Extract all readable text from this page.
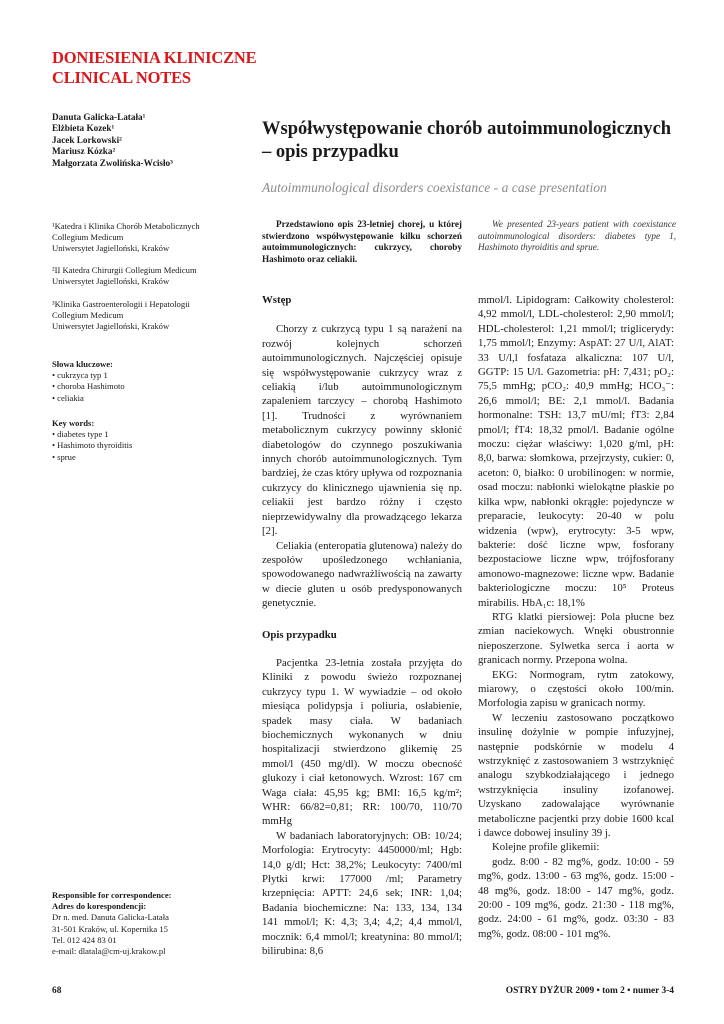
DONIESIENIA KLINICZNE
CLINICAL NOTES
Danuta Galicka-Latała¹
Elżbieta Kozek¹
Jacek Lorkowski²
Mariusz Kózka²
Małgorzata Zwolińska-Wcisło³
Współwystępowanie chorób autoimmunologicznych
– opis przypadku
Autoimmunological disorders coexistance - a case presentation
¹Katedra i Klinika Chorób Metabolicznych
Collegium Medicum
Uniwersytet Jagielloński, Kraków
²II Katedra Chirurgii Collegium Medicum
Uniwersytet Jagielloński, Kraków
³Klinika Gastroenterologii i Hepatologii
Collegium Medicum
Uniwersytet Jagielloński, Kraków
Słowa kluczowe:
• cukrzyca typ 1
• choroba Hashimoto
• celiakia
Key words:
• diabetes type 1
• Hashimoto thyroiditis
• sprue
Przedstawiono opis 23-letniej chorej, u której stwierdzono współwystępowanie kilku schorzeń autoimmunologicznych: cukrzycy, choroby Hashimoto oraz celiakii.
We presented 23-years patient with coexistance autoimmunological disorders: diabetes type 1, Hashimoto thyroiditis and sprue.
Wstęp

Chorzy z cukrzycą typu 1 są narażeni na rozwój kolejnych schorzeń autoimmunologicznych. Najczęściej opisuje się współwystępowanie cukrzycy wraz z celiakią i/lub autoimmunologicznym zapaleniem tarczycy – chorobą Hashimoto [1]. Trudności z wyrównaniem metabolicznym cukrzycy powinny skłonić diabetologów do czynnego poszukiwania innych chorób autoimmunologicznych. Tym bardziej, że czas który upływa od rozpoznania cukrzycy do klinicznego ujawnienia się np. celiakii jest bardzo różny i często nieprzewidywalny dla prowadzącego lekarza [2].

Celiakia (enteropatia glutenowa) należy do zespołów upośledzonego wchłaniania, spowodowanego nadwrażliwością na zawarty w diecie gluten u osób predysponowanych genetycznie.

Opis przypadku

Pacjentka 23-letnia została przyjęta do Kliniki z powodu świeżo rozpoznanej cukrzycy typu 1. W wywiadzie – od około miesiąca polidypsja i poliuria, osłabienie, spadek masy ciała. W badaniach biochemicznych wykonanych w dniu hospitalizacji stwierdzono glikemię 25 mmol/l (450 mg/dl). W moczu obecność glukozy i ciał ketonowych. Wzrost: 167 cm Waga ciała: 45,95 kg; BMI: 16,5 kg/m²; WHR: 66/82=0,81; RR: 100/70, 110/70 mmHg

W badaniach laboratoryjnych: OB: 10/24; Morfologia: Erytrocyty: 4450000/ml; Hgb: 14,0 g/dl; Hct: 38,2%; Leukocyty: 7400/ml Płytki krwi: 177000 /ml; Parametry krzepnięcia: APTT: 24,6 sek; INR: 1,04; Badania biochemiczne: Na: 133, 134, 134 141 mmol/l; K: 4,3; 3,4; 4,2; 4,4 mmol/l, mocznik: 6,4 mmol/l; kreatynina: 80 mmol/l; bilirubina: 8,6

mmol/l. Lipidogram: Całkowity cholesterol: 4,92 mmol/l, LDL-cholesterol: 2,90 mmol/l; HDL-cholesterol: 1,21 mmol/l; triglicerydy: 1,75 mmol/l; Enzymy: AspAT: 27 U/l, AlAT: 33 U/l,l fosfataza alkaliczna: 107 U/l, GGTP: 15 U/l. Gazometria: pH: 7,431; pO₂: 75,5 mmHg; pCO₂: 40,9 mmHg; HCO₃⁻: 26,6 mmol/l; BE: 2,1 mmol/l. Badania hormonalne: TSH: 13,7 mU/ml; fT3: 2,84 pmol/l; fT4: 18,32 pmol/l. Badanie ogólne moczu: ciężar właściwy: 1,020 g/ml, pH: 8,0, barwa: słomkowa, przejrzysty, cukier: 0, aceton: 0, białko: 0 urobilinogen: w normie, osad moczu: nabłonki wielokątne płaskie po kilka wpw, nabłonki okrągłe: pojedyncze w preparacie, leukocyty: 20-40 w polu widzenia (wpw), erytrocyty: 3-5 wpw, bakterie: dość liczne wpw, fosforany bezpostaciowe liczne wpw, trójfosforany amonowo-magnezowe: liczne wpw. Badanie bakteriologiczne moczu: 10⁵ Proteus mirabilis. HbA₁c: 18,1%

RTG klatki piersiowej: Pola płucne bez zmian naciekowych. Wnęki obustronnie nieposzerzone. Sylwetka serca i aorta w granicach normy. Przepona wolna.

EKG: Normogram, rytm zatokowy, miarowy, o częstości około 100/min. Morfologia zapisu w granicach normy.

W leczeniu zastosowano początkowo insulinę dożylnie w pompie infuzyjnej, następnie podskórnie w modelu 4 wstrzyknięć z zastosowaniem 3 wstrzyknięć analogu szybkodziałającego i jednego wstrzyknięcia insuliny izofanowej. Uzyskano zadowalające wyrównanie metaboliczne pacjentki przy dobie 1600 kcal i dawce dobowej insuliny 39 j.

Kolejne profile glikemii:

godz. 8:00 - 82 mg%, godz. 10:00 - 59 mg%, godz. 13:00 - 63 mg%, godz. 15:00 - 48 mg%, godz. 18:00 - 147 mg%, godz. 20:00 - 109 mg%, godz. 21:30 - 118 mg%, godz. 24:00 - 61 mg%, godz. 03:30 - 83 mg%, godz. 08:00 - 101 mg%.

Responsible for correspondence:
Adres do korespondencji:
Dr n. med. Danuta Galicka-Latała
31-501 Kraków, ul. Kopernika 15
Tel. 012 424 83 01
e-mail: dlatala@cm-uj.krakow.pl
68	OSTRY DYŻUR 2009 • tom 2 • numer 3-4
